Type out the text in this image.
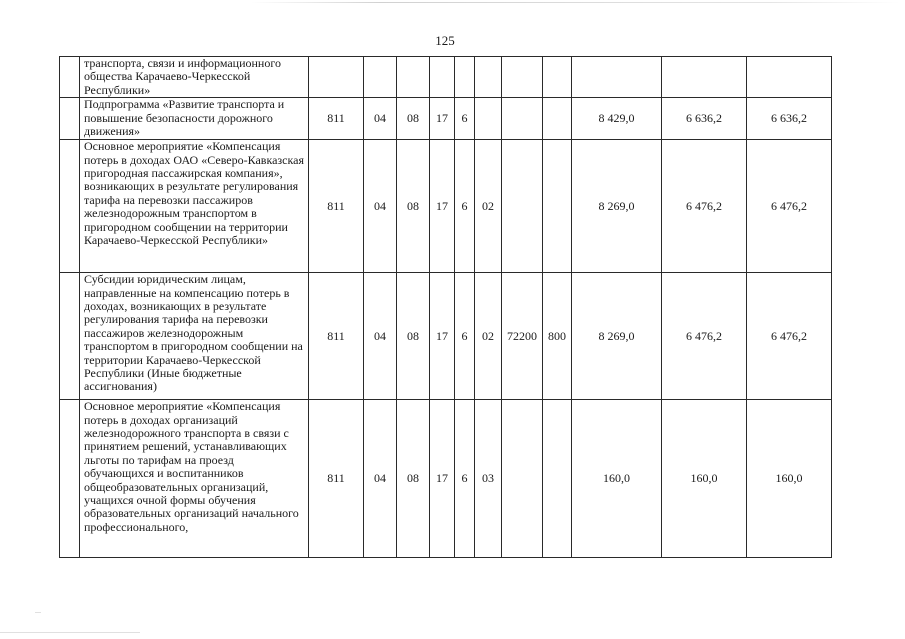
125
	транспорта, связи и информационного общества Карачаево-Черкесской Республики»											
	Подпрограмма «Развитие транспорта и повышение безопасности дорожного движения»	811	04	08	17	6				8 429,0	6 636,2	6 636,2
	Основное мероприятие «Компенсация потерь в доходах ОАО «Северо-Кавказская пригородная пассажирская компания», возникающих в результате регулирования тарифа на перевозки пассажиров железнодорожным транспортом в пригородном сообщении на территории Карачаево-Черкесской Республики»	811	04	08	17	6	02			8 269,0	6 476,2	6 476,2
	Субсидии юридическим лицам, направленные на компенсацию потерь в доходах, возникающих в результате регулирования тарифа на перевозки пассажиров железнодорожным транспортом в пригородном сообщении на территории Карачаево-Черкесской Республики (Иные бюджетные ассигнования)	811	04	08	17	6	02	72200	800	8 269,0	6 476,2	6 476,2
	Основное мероприятие «Компенсация потерь в доходах организаций железнодорожного транспорта в связи с принятием решений, устанавливающих льготы по тарифам на проезд обучающихся и воспитанников общеобразовательных организаций, учащихся очной формы обучения образовательных организаций начального профессионального,	811	04	08	17	6	03			160,0	160,0	160,0
